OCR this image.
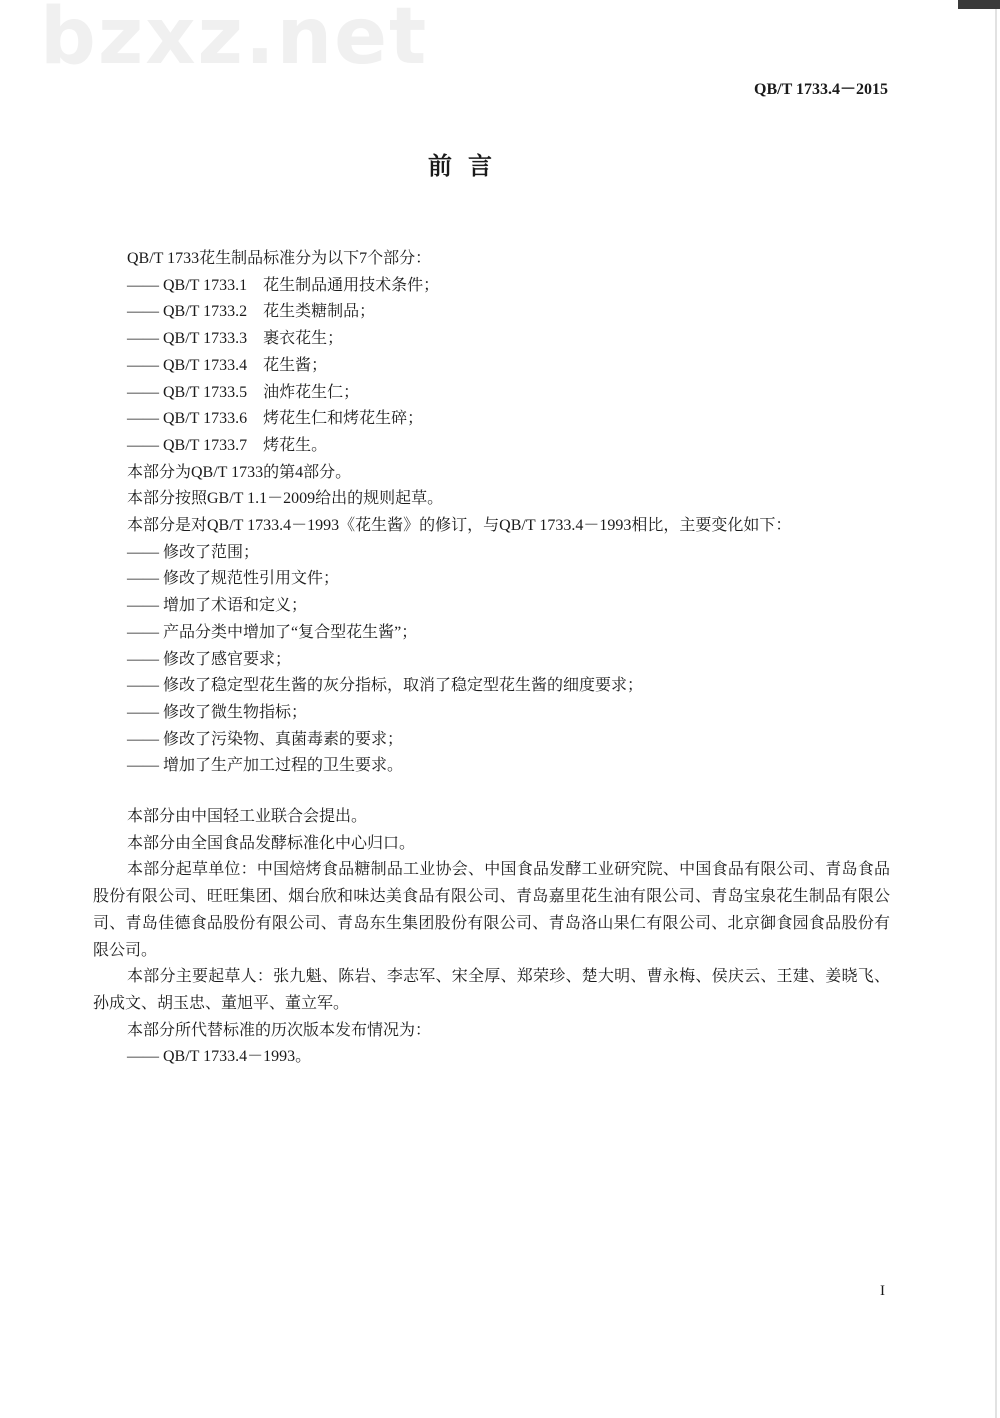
bzxz.net
QB/T 1733.4－2015
前言
QB/T 1733花生制品标准分为以下7个部分：
—— QB/T 1733.1　花生制品通用技术条件；
—— QB/T 1733.2　花生类糖制品；
—— QB/T 1733.3　裹衣花生；
—— QB/T 1733.4　花生酱；
—— QB/T 1733.5　油炸花生仁；
—— QB/T 1733.6　烤花生仁和烤花生碎；
—— QB/T 1733.7　烤花生。
本部分为QB/T 1733的第4部分。
本部分按照GB/T 1.1－2009给出的规则起草。
本部分是对QB/T 1733.4－1993《花生酱》的修订，与QB/T 1733.4－1993相比，主要变化如下：
—— 修改了范围；
—— 修改了规范性引用文件；
—— 增加了术语和定义；
—— 产品分类中增加了“复合型花生酱”；
—— 修改了感官要求；
—— 修改了稳定型花生酱的灰分指标，取消了稳定型花生酱的细度要求；
—— 修改了微生物指标；
—— 修改了污染物、真菌毒素的要求；
—— 增加了生产加工过程的卫生要求。
本部分由中国轻工业联合会提出。
本部分由全国食品发酵标准化中心归口。
本部分起草单位：中国焙烤食品糖制品工业协会、中国食品发酵工业研究院、中国食品有限公司、青岛食品股份有限公司、旺旺集团、烟台欣和味达美食品有限公司、青岛嘉里花生油有限公司、青岛宝泉花生制品有限公司、青岛佳德食品股份有限公司、青岛东生集团股份有限公司、青岛洛山果仁有限公司、北京御食园食品股份有限公司。
本部分主要起草人：张九魁、陈岩、李志军、宋全厚、郑荣珍、楚大明、曹永梅、侯庆云、王建、姜晓飞、孙成文、胡玉忠、董旭平、董立军。
本部分所代替标准的历次版本发布情况为：
—— QB/T 1733.4－1993。
I
